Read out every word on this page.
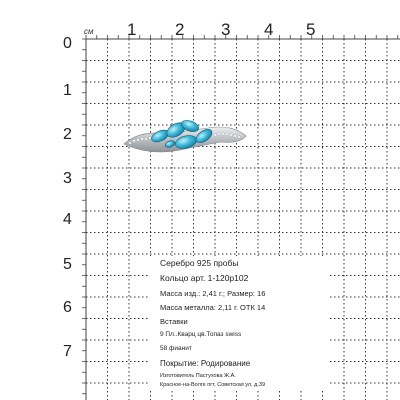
см 1 2 3 4 5
0
1
2
3
4
5
6
7
Серебро 925 пробы
Кольцо арт. 1-120р102
Масса изд.: 2,41 г.; Размер: 16
Масса металла: 2,11 г. ОТК 14
Вставки
9 Пл..Кварц цв.Топаз swiss
58 фианит
Покрытие: Родирование
Изготовитель Пастухова Ж.А.
Красное-на-Волге пгт, Советская ул, д.39
